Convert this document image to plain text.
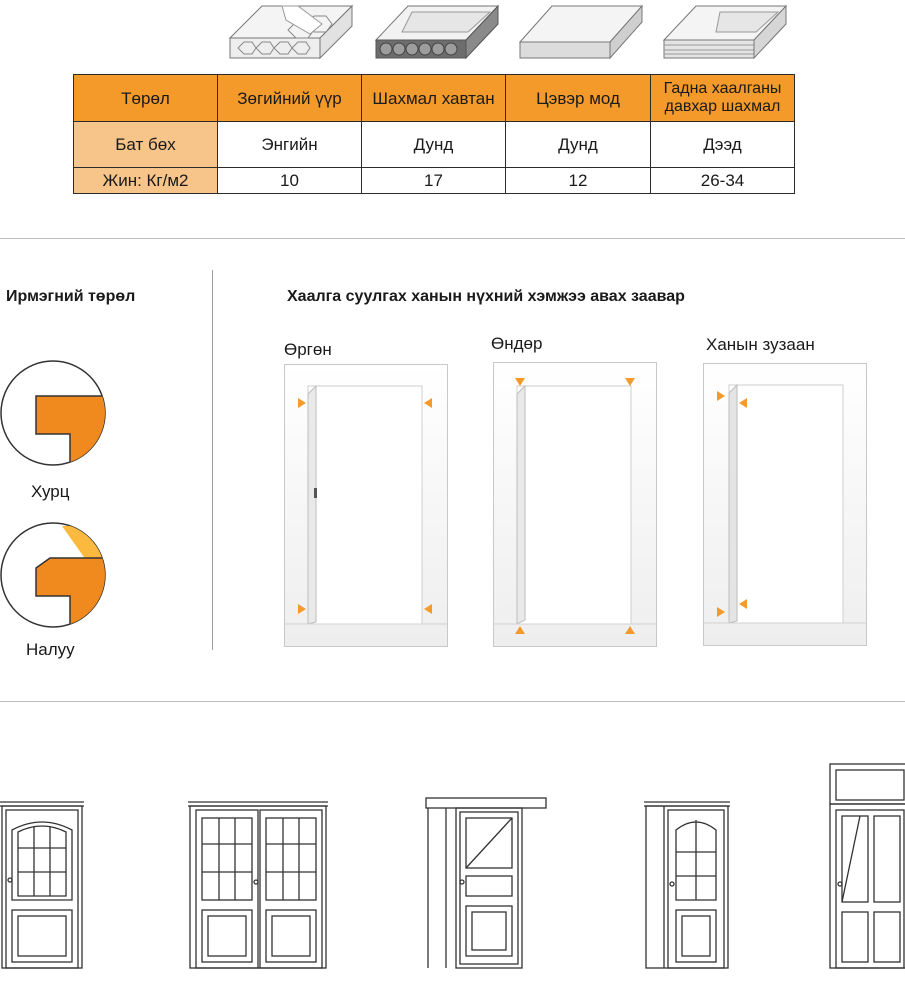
Төрөл	Зөгийний үүр	Шахмал хавтан	Цэвэр мод	Гадна хаалганы давхар шахмал
Бат бөх	Энгийн	Дунд	Дунд	Дээд
Жин: Кг/м2	10	17	12	26-34
Ирмэгний төрөл
Хурц
Налуу
Хаалга суулгах ханын нүхний хэмжээ авах заавар
Өргөн	Өндөр	Ханын зузаан
